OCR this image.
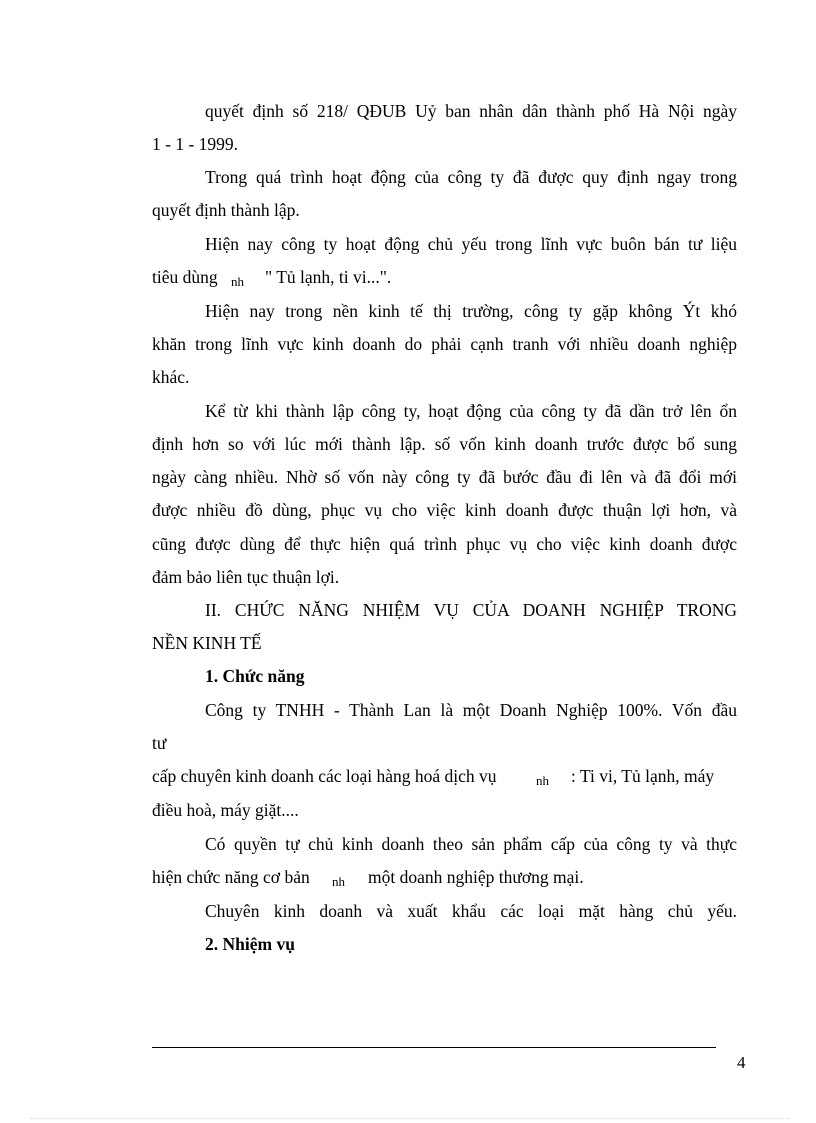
quyết định số 218/ QĐUB Uỷ ban nhân dân thành phố Hà Nội ngày
1 - 1 - 1999.
Trong quá trình hoạt động của công ty đã được quy định ngay trong
quyết định thành lập.
Hiện nay công ty hoạt động chủ yếu trong lĩnh vực buôn bán tư liệu
tiêu dùng nh " Tủ lạnh, ti vi...".
Hiện nay trong nền kinh tế thị trường, công ty gặp không Ýt khó
khăn trong lĩnh vực kinh doanh do phải cạnh tranh với nhiều doanh nghiệp
khác.
Kể từ khi thành lập công ty, hoạt động của công ty đã dần trở lên ổn
định hơn so với lúc mới thành lập. số vốn kinh doanh trước được bổ sung
ngày càng nhiều. Nhờ số vốn này công ty đã bước đầu đi lên và đã đổi mới
được nhiều đồ dùng, phục vụ cho việc kinh doanh được thuận lợi hơn, và
cũng được dùng để thực hiện quá trình phục vụ cho việc kinh doanh được
đảm bảo liên tục thuận lợi.
II. CHỨC NĂNG NHIỆM VỤ CỦA DOANH NGHIỆP TRONG
NỀN KINH TẾ
1. Chức năng
Công ty TNHH - Thành Lan là một Doanh Nghiệp 100%. Vốn đầu
tư
cấp chuyên kinh doanh các loại hàng hoá dịch vụ	nh : Ti vi, Tủ lạnh, máy
điều hoà, máy giặt....
Có quyền tự chủ kinh doanh theo sản phẩm cấp của công ty và thực
hiện chức năng cơ bản nh một doanh nghiệp thương mại.
Chuyên kinh doanh và xuất khẩu các loại mặt hàng chủ yếu.
2. Nhiệm vụ
4
